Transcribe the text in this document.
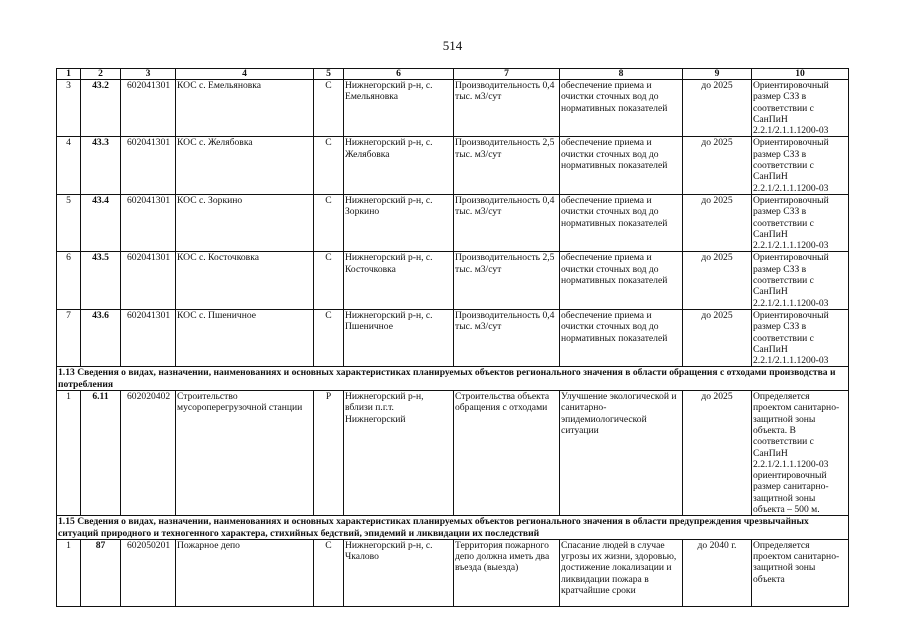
514
1	2	3	4	5	6	7	8	9	10
3	43.2	602041301	КОС с. Емельяновка	С	Нижнегорский р-н, с. Емельяновка	Производительность 0,4 тыс. м3/сут	обеспечение приема и очистки сточных вод до нормативных показателей	до 2025	Ориентировочный размер СЗЗ в соответствии с СанПиН 2.2.1/2.1.1.1200-03
4	43.3	602041301	КОС с. Желябовка	С	Нижнегорский р-н, с. Желябовка	Производительность 2,5 тыс. м3/сут	обеспечение приема и очистки сточных вод до нормативных показателей	до 2025	Ориентировочный размер СЗЗ в соответствии с СанПиН 2.2.1/2.1.1.1200-03
5	43.4	602041301	КОС с. Зоркино	С	Нижнегорский р-н, с. Зоркино	Производительность 0,4 тыс. м3/сут	обеспечение приема и очистки сточных вод до нормативных показателей	до 2025	Ориентировочный размер СЗЗ в соответствии с СанПиН 2.2.1/2.1.1.1200-03
6	43.5	602041301	КОС с. Косточковка	С	Нижнегорский р-н, с. Косточковка	Производительность 2,5 тыс. м3/сут	обеспечение приема и очистки сточных вод до нормативных показателей	до 2025	Ориентировочный размер СЗЗ в соответствии с СанПиН 2.2.1/2.1.1.1200-03
7	43.6	602041301	КОС с. Пшеничное	С	Нижнегорский р-н, с. Пшеничное	Производительность 0,4 тыс. м3/сут	обеспечение приема и очистки сточных вод до нормативных показателей	до 2025	Ориентировочный размер СЗЗ в соответствии с СанПиН 2.2.1/2.1.1.1200-03
1.13 Сведения о видах, назначении, наименованиях и основных характеристиках планируемых объектов регионального значения в области обращения с отходами производства и потребления									
1	6.11	602020402	Строительство мусороперегрузочной станции	Р	Нижнегорский р-н, вблизи п.г.т. Нижнегорский	Строительства объекта обращения с отходами	Улучшение экологической и санитарно-эпидемиологической ситуации	до 2025	Определяется проектом санитарно-защитной зоны объекта. В соответствии с СанПиН 2.2.1/2.1.1.1200-03 ориентировочный размер санитарно-защитной зоны объекта – 500 м.
1.15 Сведения о видах, назначении, наименованиях и основных характеристиках планируемых объектов регионального значения в области предупреждения чрезвычайных ситуаций природного и техногенного характера, стихийных бедствий, эпидемий и ликвидации их последствий									
1	87	602050201	Пожарное депо	С	Нижнегорский р-н, с. Чкалово	Территория пожарного депо должна иметь два въезда (выезда)	Спасание людей в случае угрозы их жизни, здоровью, достижение локализации и ликвидации пожара в кратчайшие сроки	до 2040 г.	Определяется проектом санитарно-защитной зоны объекта
